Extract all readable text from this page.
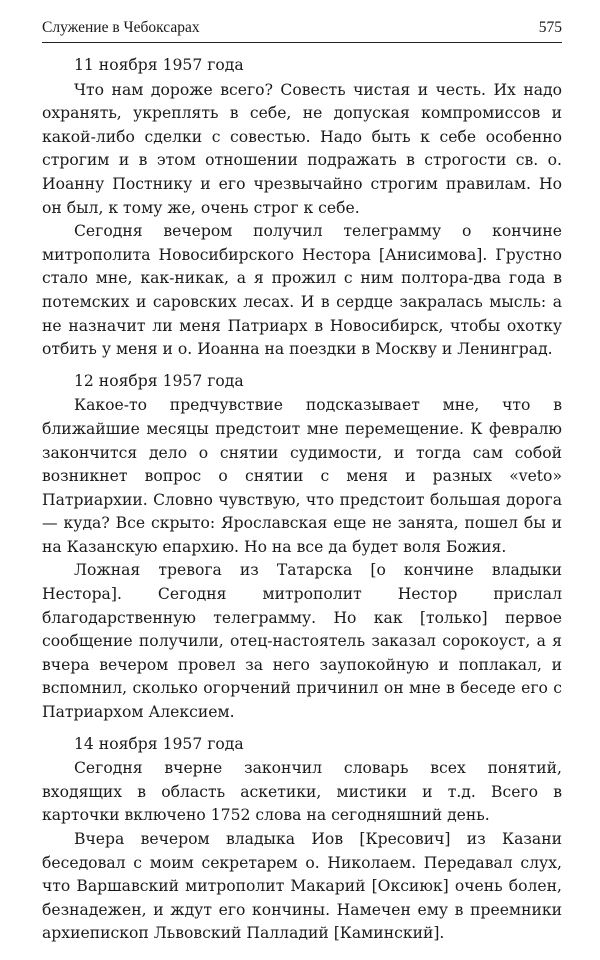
Служение в Чебоксарах	575
11 ноября 1957 года

Что нам дороже всего? Совесть чистая и честь. Их надо охранять, укреплять в себе, не допуская компромиссов и какой-либо сделки с совестью. Надо быть к себе особенно строгим и в этом отношении подражать в строгости св. о. Иоанну Постнику и его чрезвычайно строгим правилам. Но он был, к тому же, очень строг к себе.

Сегодня вечером получил телеграмму о кончине митрополита Новосибирского Нестора [Анисимова]. Грустно стало мне, как-никак, а я прожил с ним полтора-два года в потемских и саровских лесах. И в сердце закралась мысль: а не назначит ли меня Патриарх в Новосибирск, чтобы охотку отбить у меня и о. Иоанна на поездки в Москву и Ленинград.

12 ноября 1957 года

Какое-то предчувствие подсказывает мне, что в ближайшие месяцы предстоит мне перемещение. К февралю закончится дело о снятии судимости, и тогда сам собой возникнет вопрос о снятии с меня и разных «veto» Патриархии. Словно чувствую, что предстоит большая дорога — куда? Все скрыто: Ярославская еще не занята, пошел бы и на Казанскую епархию. Но на все да будет воля Божия.

Ложная тревога из Татарска [о кончине владыки Нестора]. Сегодня митрополит Нестор прислал благодарственную телеграмму. Но как [только] первое сообщение получили, отец-настоятель заказал сорокоуст, а я вчера вечером провел за него заупокойную и поплакал, и вспомнил, сколько огорчений причинил он мне в беседе его с Патриархом Алексием.

14 ноября 1957 года

Сегодня вчерне закончил словарь всех понятий, входящих в область аскетики, мистики и т.д. Всего в карточки включено 1752 слова на сегодняшний день.

Вчера вечером владыка Иов [Кресович] из Казани беседовал с моим секретарем о. Николаем. Передавал слух, что Варшавский митрополит Макарий [Оксиюк] очень болен, безнадежен, и ждут его кончины. Намечен ему в преемники архиепископ Львовский Палладий [Каминский].
